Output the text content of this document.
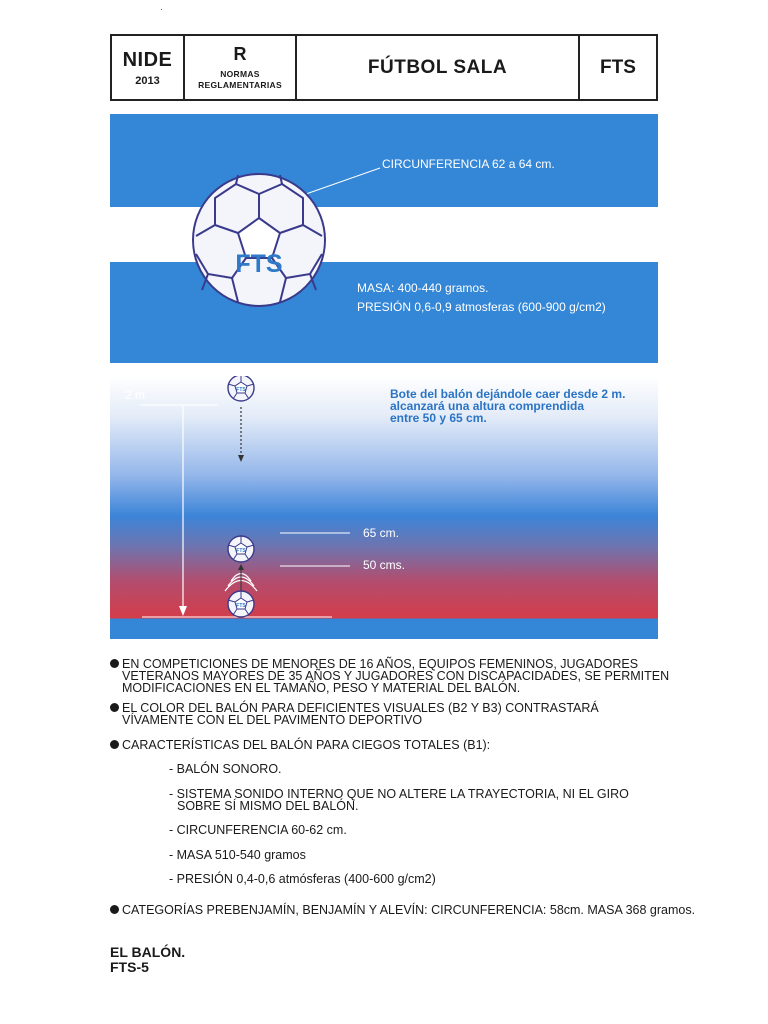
.
NIDE
2013
R
NORMAS
REGLAMENTARIAS
FÚTBOL SALA	FTS
FTS
CIRCUNFERENCIA 62 a 64 cm.
MASA: 400-440 gramos.
PRESIÓN 0,6-0,9 atmosferas (600-900 g/cm2)
FTS
FTS
FTS
2 m	Bote del balón dejándole caer desde 2 m.
alcanzará una altura comprendida
entre 50 y 65 cm.
65 cm.
50 cms.
EN COMPETICIONES DE MENORES DE 16 AÑOS, EQUIPOS FEMENINOS, JUGADORES
VETERANOS MAYORES DE 35 AÑOS Y JUGADORES CON DISCAPACIDADES, SE PERMITEN
MODIFICACIONES EN EL TAMAÑO, PESO Y MATERIAL DEL BALÓN.
EL COLOR DEL BALÓN PARA DEFICIENTES VISUALES (B2 Y B3) CONTRASTARÁ
VÍVAMENTE CON EL DEL PAVIMENTO DEPORTIVO
CARACTERÍSTICAS DEL BALÓN PARA CIEGOS TOTALES (B1):
- BALÓN SONORO.
- SISTEMA SONIDO INTERNO QUE NO ALTERE LA TRAYECTORIA, NI EL GIRO
SOBRE SÍ MISMO DEL BALÓN.
- CIRCUNFERENCIA 60-62 cm.
- MASA 510-540 gramos
- PRESIÓN 0,4-0,6 atmósferas (400-600 g/cm2)
CATEGORÍAS PREBENJAMÍN, BENJAMÍN Y ALEVÍN: CIRCUNFERENCIA: 58cm. MASA 368 gramos.
EL BALÓN.
FTS-5
